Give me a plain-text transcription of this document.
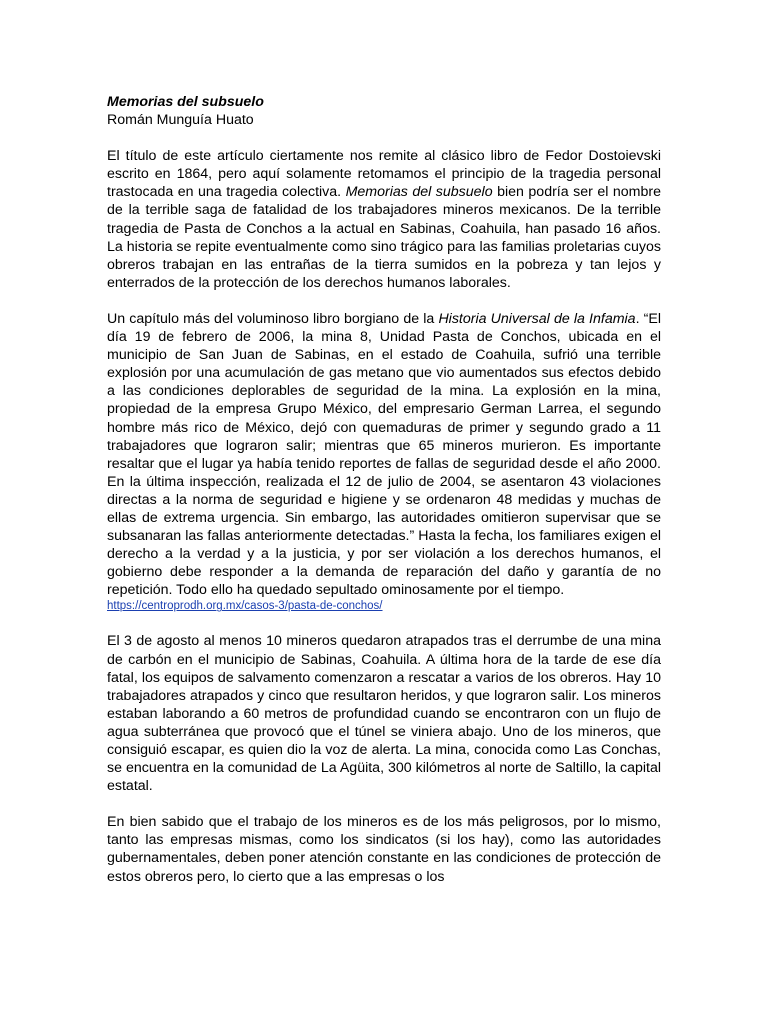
Memorias del subsuelo

Román Munguía Huato

El título de este artículo ciertamente nos remite al clásico libro de Fedor Dostoievski escrito en 1864, pero aquí solamente retomamos el principio de la tragedia personal trastocada en una tragedia colectiva. Memorias del subsuelo bien podría ser el nombre de la terrible saga de fatalidad de los trabajadores mineros mexicanos. De la terrible tragedia de Pasta de Conchos a la actual en Sabinas, Coahuila, han pasado 16 años. La historia se repite eventualmente como sino trágico para las familias proletarias cuyos obreros trabajan en las entrañas de la tierra sumidos en la pobreza y tan lejos y enterrados de la protección de los derechos humanos laborales.

Un capítulo más del voluminoso libro borgiano de la Historia Universal de la Infamia. “El día 19 de febrero de 2006, la mina 8, Unidad Pasta de Conchos, ubicada en el municipio de San Juan de Sabinas, en el estado de Coahuila, sufrió una terrible explosión por una acumulación de gas metano que vio aumentados sus efectos debido a las condiciones deplorables de seguridad de la mina. La explosión en la mina, propiedad de la empresa Grupo México, del empresario German Larrea, el segundo hombre más rico de México, dejó con quemaduras de primer y segundo grado a 11 trabajadores que lograron salir; mientras que 65 mineros murieron. Es importante resaltar que el lugar ya había tenido reportes de fallas de seguridad desde el año 2000. En la última inspección, realizada el 12 de julio de 2004, se asentaron 43 violaciones directas a la norma de seguridad e higiene y se ordenaron 48 medidas y muchas de ellas de extrema urgencia. Sin embargo, las autoridades omitieron supervisar que se subsanaran las fallas anteriormente detectadas.” Hasta la fecha, los familiares exigen el derecho a la verdad y a la justicia, y por ser violación a los derechos humanos, el gobierno debe responder a la demanda de reparación del daño y garantía de no repetición. Todo ello ha quedado sepultado ominosamente por el tiempo.

https://centroprodh.org.mx/casos-3/pasta-de-conchos/

El 3 de agosto al menos 10 mineros quedaron atrapados tras el derrumbe de una mina de carbón en el municipio de Sabinas, Coahuila. A última hora de la tarde de ese día fatal, los equipos de salvamento comenzaron a rescatar a varios de los obreros. Hay 10 trabajadores atrapados y cinco que resultaron heridos, y que lograron salir. Los mineros estaban laborando a 60 metros de profundidad cuando se encontraron con un flujo de agua subterránea que provocó que el túnel se viniera abajo. Uno de los mineros, que consiguió escapar, es quien dio la voz de alerta. La mina, conocida como Las Conchas, se encuentra en la comunidad de La Agüita, 300 kilómetros al norte de Saltillo, la capital estatal.

En bien sabido que el trabajo de los mineros es de los más peligrosos, por lo mismo, tanto las empresas mismas, como los sindicatos (si los hay), como las autoridades gubernamentales, deben poner atención constante en las condiciones de protección de estos obreros pero, lo cierto que a las empresas o los
